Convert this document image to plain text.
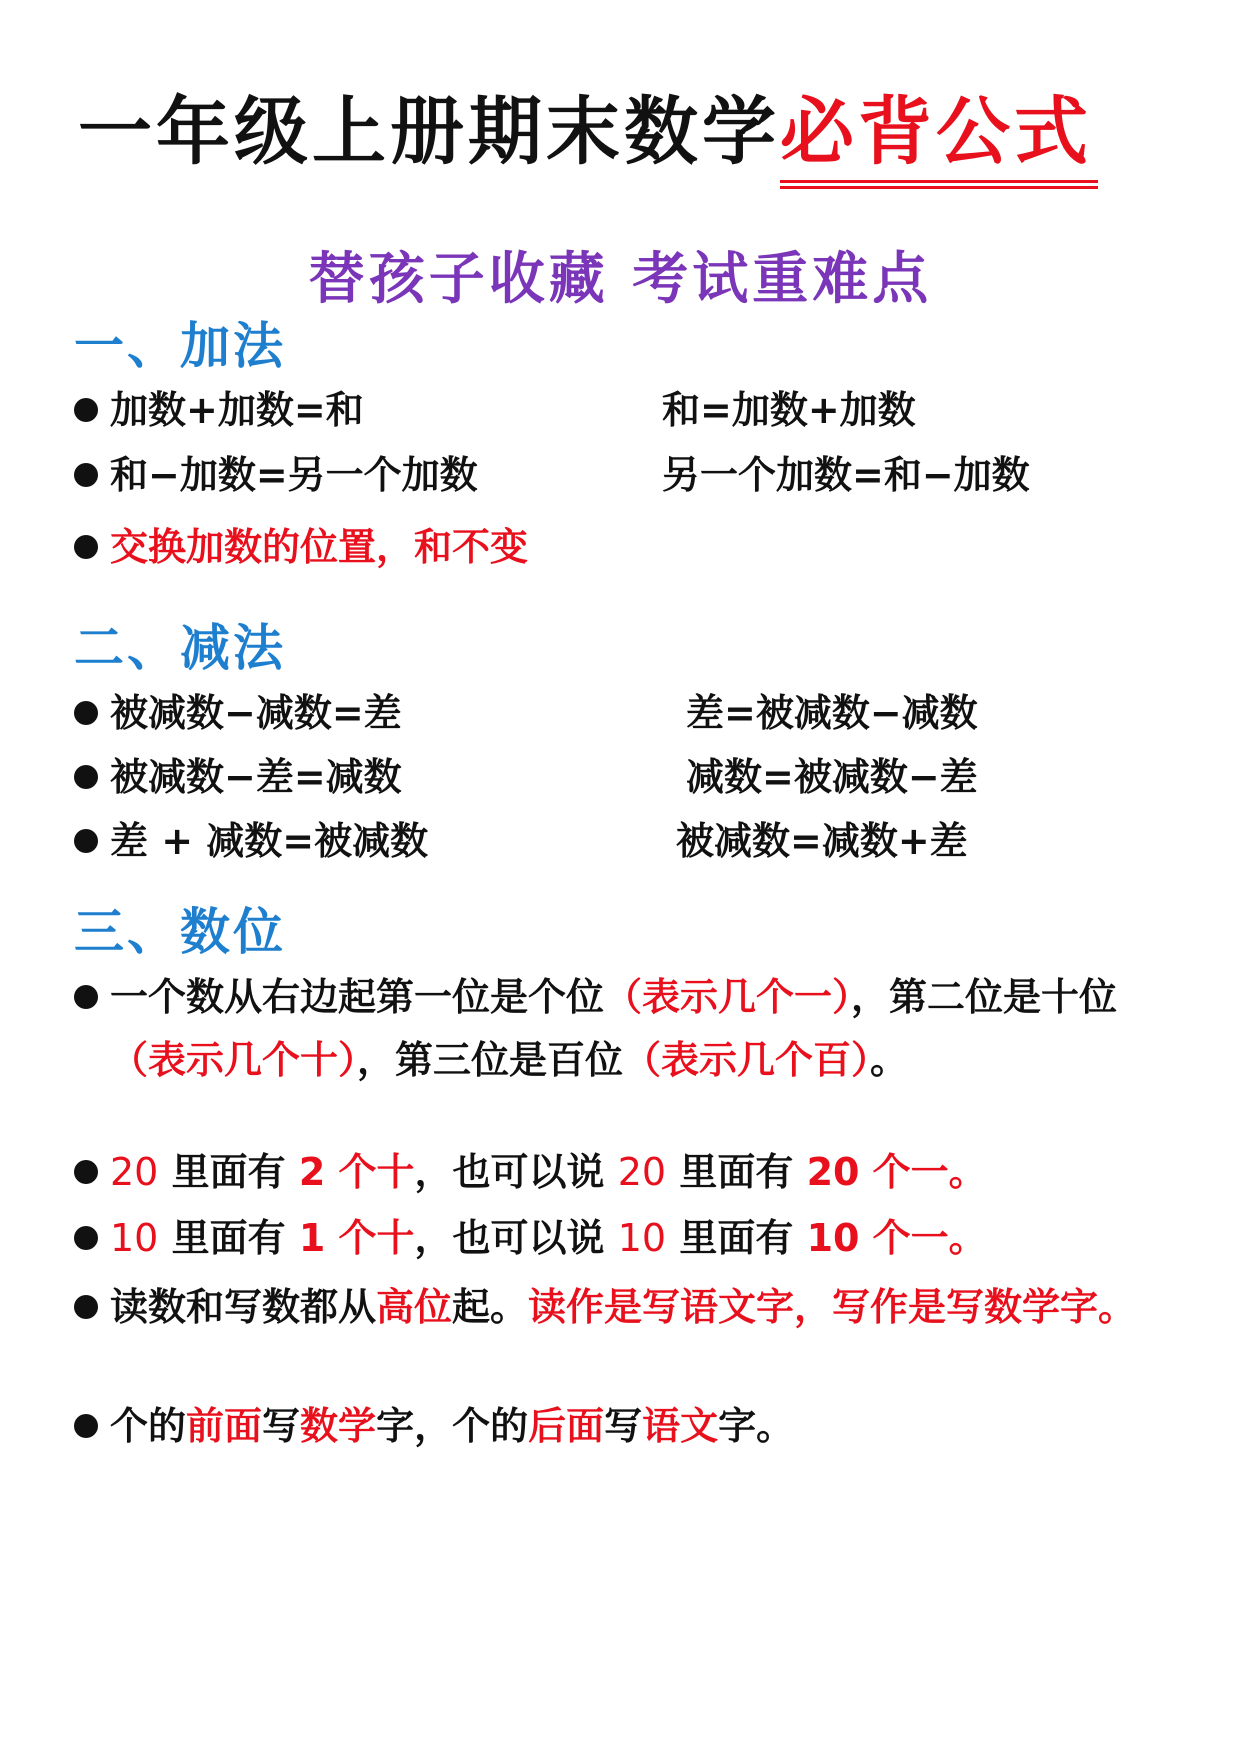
一年级上册期末数学必背公式
替孩子收藏 考试重难点
一、加法
加数+加数=和	和=加数+加数
和−加数=另一个加数	另一个加数=和−加数
交换加数的位置，和不变
二、减法
被减数−减数=差	差=被减数−减数
被减数−差=减数	减数=被减数−差
差 + 减数=被减数	被减数=减数+差
三、数位
一个数从右边起第一位是个位（表示几个一），第二位是十位（表示几个十），第三位是百位（表示几个百）。
20 里面有 2 个十，也可以说 20 里面有 20 个一。
10 里面有 1 个十，也可以说 10 里面有 10 个一。
读数和写数都从高位起。读作是写语文字，写作是写数学字。
个的前面写数学字，个的后面写语文字。
